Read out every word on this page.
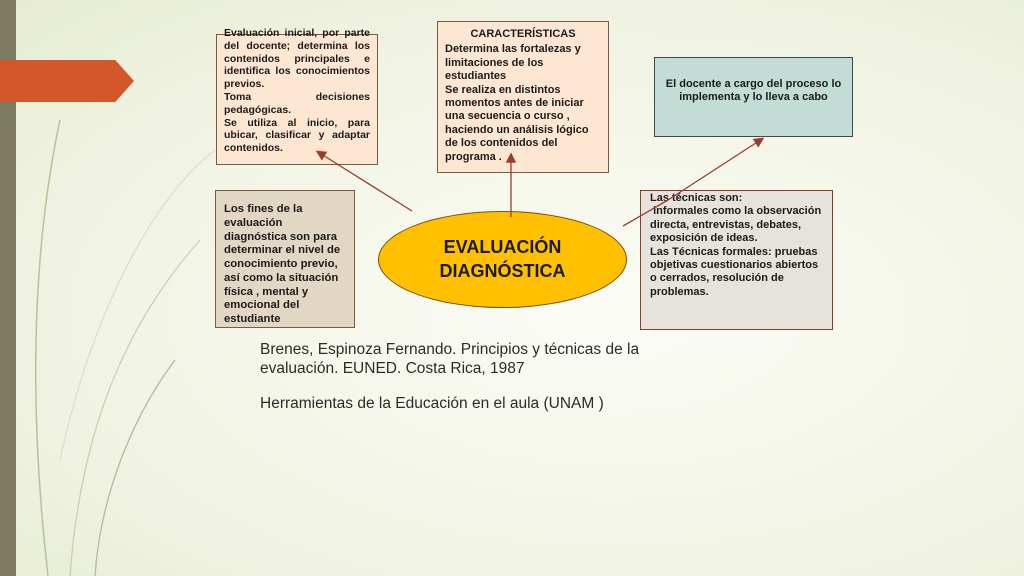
Evaluación inicial, por parte del docente; determina los contenidos principales e identifica los conocimientos previos.

Toma decisiones pedagógicas.

Se utiliza al inicio, para ubicar, clasificar y adaptar contenidos.

CARACTERÍSTICAS

Determina las fortalezas y limitaciones de los estudiantes

Se realiza en distintos momentos antes de iniciar una secuencia o curso , haciendo un análisis lógico de los contenidos del programa .

El docente a cargo del proceso lo implementa y lo lleva a cabo
Los fines de la evaluación diagnóstica son para determinar el nivel de conocimiento previo, así como la situación física , mental y emocional del estudiante

Las técnicas son:

informales como la observación directa, entrevistas, debates, exposición de ideas.

Las Técnicas formales: pruebas objetivas cuestionarios abiertos o cerrados, resolución de problemas.

EVALUACIÓN
DIAGNÓSTICA

Brenes, Espinoza Fernando. Principios y técnicas de la evaluación. EUNED. Costa Rica, 1987

Herramientas de la Educación en el aula (UNAM )
